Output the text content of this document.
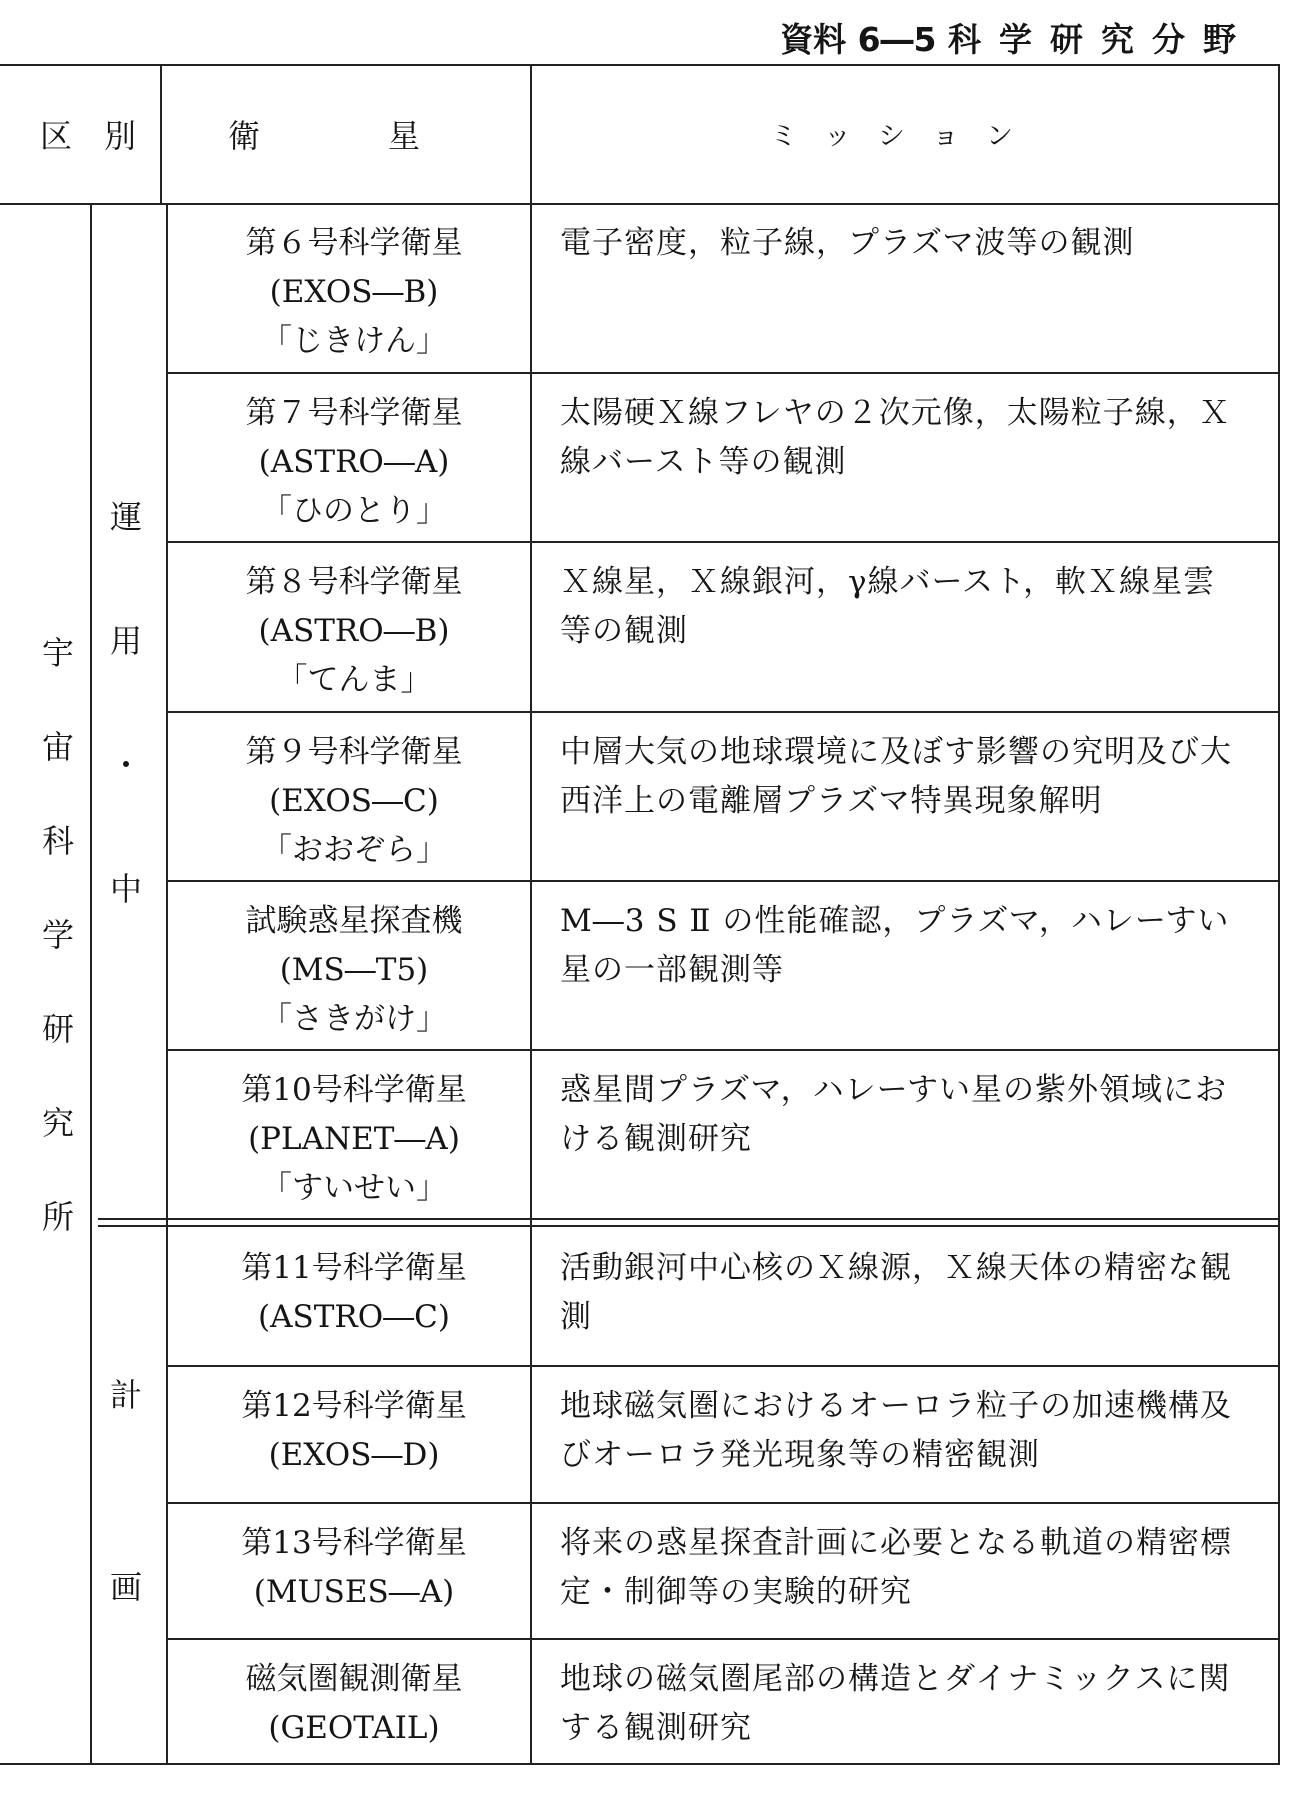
資料 6―5 科学研究分野
区　別	衛　　　　星	ミ　ッ　シ　ョ　ン
宇宙科学研究所 運用・中
計画
第６号科学衛星
(EXOS―B)
「じきけん」
電子密度，粒子線，プラズマ波等の観測
第７号科学衛星
(ASTRO―A)
「ひのとり」
太陽硬Ｘ線フレヤの２次元像，太陽粒子線，Ｘ
線バースト等の観測
第８号科学衛星
(ASTRO―B)
「てんま」
Ｘ線星，Ｘ線銀河，γ線バースト，軟Ｘ線星雲
等の観測
第９号科学衛星
(EXOS―C)
「おおぞら」
中層大気の地球環境に及ぼす影響の究明及び大
西洋上の電離層プラズマ特異現象解明
試験惑星探査機
(MS―T5)
「さきがけ」
M―3 S Ⅱ の性能確認，プラズマ，ハレーすい
星の一部観測等
第10号科学衛星
(PLANET―A)
「すいせい」
惑星間プラズマ，ハレーすい星の紫外領域にお
ける観測研究
第11号科学衛星
(ASTRO―C)
活動銀河中心核のＸ線源，Ｘ線天体の精密な観
測
第12号科学衛星
(EXOS―D)
地球磁気圏におけるオーロラ粒子の加速機構及
びオーロラ発光現象等の精密観測
第13号科学衛星
(MUSES―A)
将来の惑星探査計画に必要となる軌道の精密標
定・制御等の実験的研究
磁気圏観測衛星
(GEOTAIL)
地球の磁気圏尾部の構造とダイナミックスに関
する観測研究
